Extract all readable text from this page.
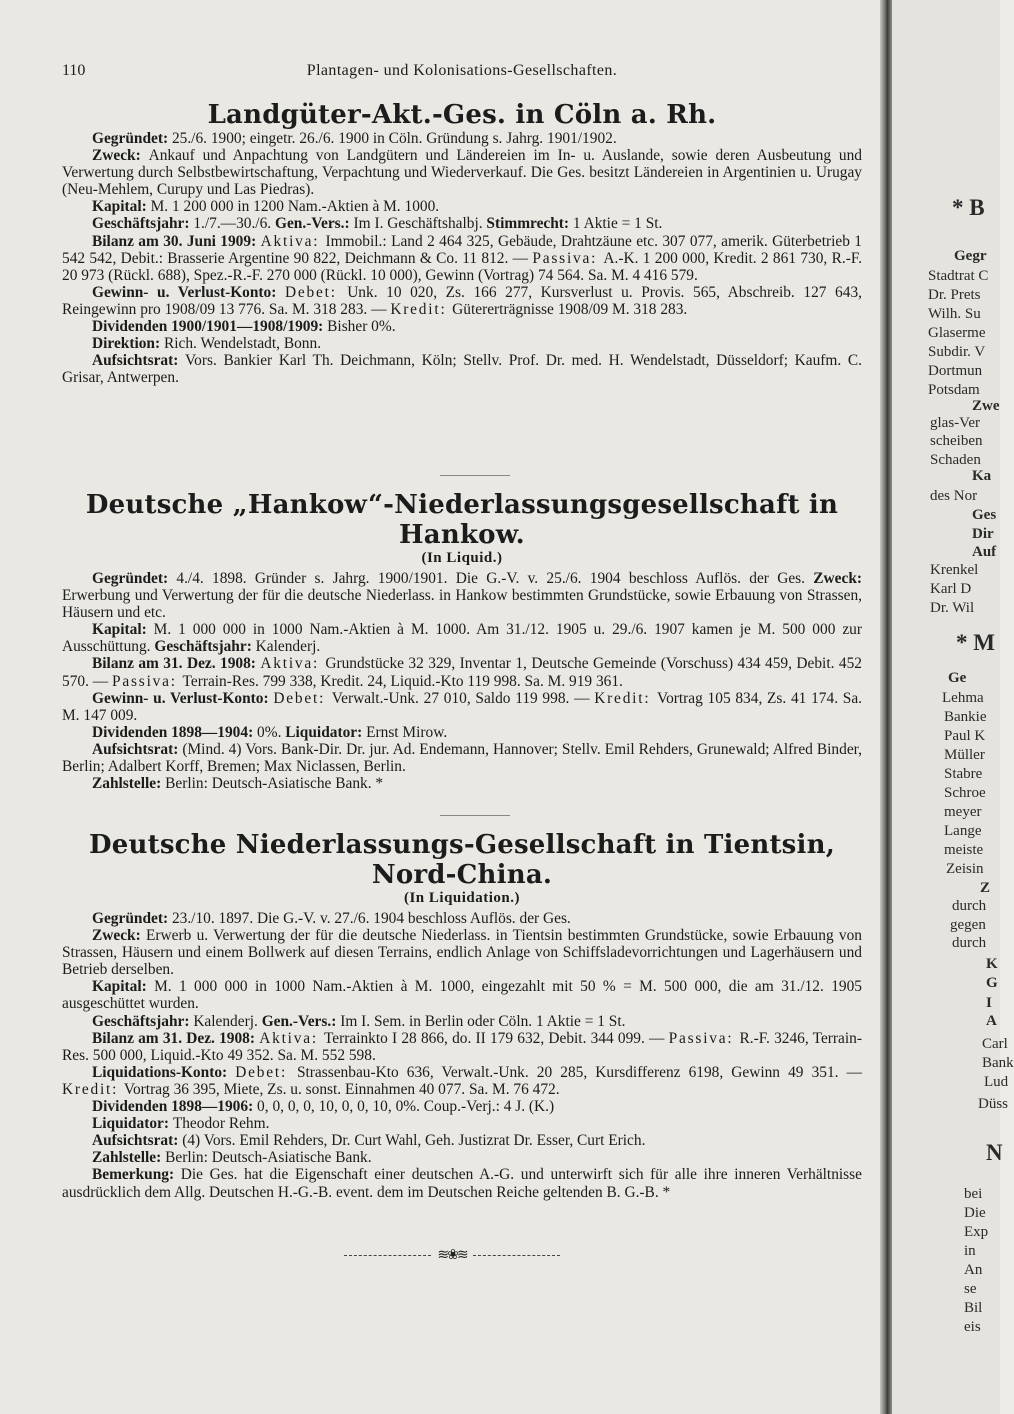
* B
Gegr
Stadtrat C
Dr. Prets
Wilh. Su
Glaserme
Subdir. V
Dortmun
Potsdam
Zwe
glas-Ver
scheiben
Schaden
Ka
des Nor
Ges
Dir
Auf
Krenkel
Karl D
Dr. Wil
* M
Ge
Lehma
Bankie
Paul K
Müller
Stabre
Schroe
meyer
Lange
meiste
Zeisin
Z
durch
gegen
durch
K
G
I
A
Carl
Bank
Lud
Düss
N
bei
Die
Exp
in
An
se
Bil
eis
110	Plantagen- und Kolonisations-Gesellschaften.
Landgüter-Akt.-Ges. in Cöln a. Rh.

Gegründet: 25./6. 1900; eingetr. 26./6. 1900 in Cöln. Gründung s. Jahrg. 1901/1902.

Zweck: Ankauf und Anpachtung von Landgütern und Ländereien im In- u. Auslande, sowie deren Ausbeutung und Verwertung durch Selbstbewirtschaftung, Verpachtung und Wiederverkauf. Die Ges. besitzt Ländereien in Argentinien u. Urugay (Neu-Mehlem, Curupy und Las Piedras).

Kapital: M. 1 200 000 in 1200 Nam.-Aktien à M. 1000.

Geschäftsjahr: 1./7.—30./6. Gen.-Vers.: Im I. Geschäftshalbj. Stimmrecht: 1 Aktie = 1 St.

Bilanz am 30. Juni 1909: Aktiva: Immobil.: Land 2 464 325, Gebäude, Drahtzäune etc. 307 077, amerik. Güterbetrieb 1 542 542, Debit.: Brasserie Argentine 90 822, Deichmann & Co. 11 812. — Passiva: A.-K. 1 200 000, Kredit. 2 861 730, R.-F. 20 973 (Rückl. 688), Spez.-R.-F. 270 000 (Rückl. 10 000), Gewinn (Vortrag) 74 564. Sa. M. 4 416 579.

Gewinn- u. Verlust-Konto: Debet: Unk. 10 020, Zs. 166 277, Kursverlust u. Provis. 565, Abschreib. 127 643, Reingewinn pro 1908/09 13 776. Sa. M. 318 283. — Kredit: Gütererträgnisse 1908/09 M. 318 283.

Dividenden 1900/1901—1908/1909: Bisher 0%.

Direktion: Rich. Wendelstadt, Bonn.

Aufsichtsrat: Vors. Bankier Karl Th. Deichmann, Köln; Stellv. Prof. Dr. med. H. Wendelstadt, Düsseldorf; Kaufm. C. Grisar, Antwerpen.

Deutsche „Hankow“-Niederlassungsgesellschaft in Hankow.
(In Liquid.)

Gegründet: 4./4. 1898. Gründer s. Jahrg. 1900/1901. Die G.-V. v. 25./6. 1904 beschloss Auflös. der Ges. Zweck: Erwerbung und Verwertung der für die deutsche Niederlass. in Hankow bestimmten Grundstücke, sowie Erbauung von Strassen, Häusern und etc.

Kapital: M. 1 000 000 in 1000 Nam.-Aktien à M. 1000. Am 31./12. 1905 u. 29./6. 1907 kamen je M. 500 000 zur Ausschüttung. Geschäftsjahr: Kalenderj.

Bilanz am 31. Dez. 1908: Aktiva: Grundstücke 32 329, Inventar 1, Deutsche Gemeinde (Vorschuss) 434 459, Debit. 452 570. — Passiva: Terrain-Res. 799 338, Kredit. 24, Liquid.-Kto 119 998. Sa. M. 919 361.

Gewinn- u. Verlust-Konto: Debet: Verwalt.-Unk. 27 010, Saldo 119 998. — Kredit: Vortrag 105 834, Zs. 41 174. Sa. M. 147 009.

Dividenden 1898—1904: 0%. Liquidator: Ernst Mirow.

Aufsichtsrat: (Mind. 4) Vors. Bank-Dir. Dr. jur. Ad. Endemann, Hannover; Stellv. Emil Rehders, Grunewald; Alfred Binder, Berlin; Adalbert Korff, Bremen; Max Niclassen, Berlin.

Zahlstelle: Berlin: Deutsch-Asiatische Bank. *

Deutsche Niederlassungs-Gesellschaft in Tientsin, Nord-China.
(In Liquidation.)

Gegründet: 23./10. 1897. Die G.-V. v. 27./6. 1904 beschloss Auflös. der Ges.

Zweck: Erwerb u. Verwertung der für die deutsche Niederlass. in Tientsin bestimmten Grundstücke, sowie Erbauung von Strassen, Häusern und einem Bollwerk auf diesen Terrains, endlich Anlage von Schiffsladevorrichtungen und Lagerhäusern und Betrieb derselben.

Kapital: M. 1 000 000 in 1000 Nam.-Aktien à M. 1000, eingezahlt mit 50 % = M. 500 000, die am 31./12. 1905 ausgeschüttet wurden.

Geschäftsjahr: Kalenderj. Gen.-Vers.: Im I. Sem. in Berlin oder Cöln. 1 Aktie = 1 St.

Bilanz am 31. Dez. 1908: Aktiva: Terrainkto I 28 866, do. II 179 632, Debit. 344 099. — Passiva: R.-F. 3246, Terrain-Res. 500 000, Liquid.-Kto 49 352. Sa. M. 552 598.

Liquidations-Konto: Debet: Strassenbau-Kto 636, Verwalt.-Unk. 20 285, Kursdifferenz 6198, Gewinn 49 351. — Kredit: Vortrag 36 395, Miete, Zs. u. sonst. Einnahmen 40 077. Sa. M. 76 472.

Dividenden 1898—1906: 0, 0, 0, 0, 10, 0, 0, 10, 0%. Coup.-Verj.: 4 J. (K.)

Liquidator: Theodor Rehm.

Aufsichtsrat: (4) Vors. Emil Rehders, Dr. Curt Wahl, Geh. Justizrat Dr. Esser, Curt Erich.

Zahlstelle: Berlin: Deutsch-Asiatische Bank.

Bemerkung: Die Ges. hat die Eigenschaft einer deutschen A.-G. und unterwirft sich für alle ihre inneren Verhältnisse ausdrücklich dem Allg. Deutschen H.-G.-B. event. dem im Deutschen Reiche geltenden B. G.-B. *

≋❀≋
